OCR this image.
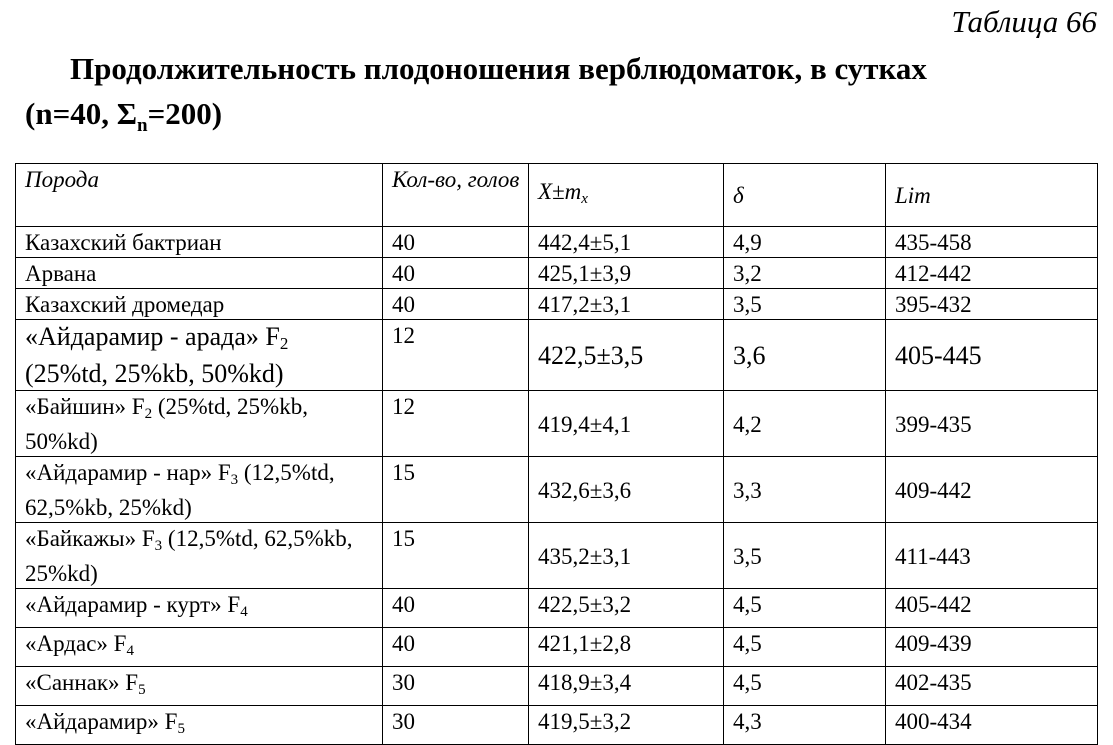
Таблица 66
Продолжительность плодоношения верблюдоматок, в сутках
(n=40, $\Sigma_n=200$)
Порода	Кол-во, голов	$X\pm m_x$	δ	Lim
Казахский бактриан	40	442,4±5,1	4,9	435-458
Арвана	40	425,1±3,9	3,2	412-442
Казахский дромедар	40	417,2±3,1	3,5	395-432
«Айдарамир - арада» $F_2$ (25%td, 25%kb, 50%kd)	12	422,5±3,5	3,6	405-445
«Байшин» $F_2$ (25%td, 25%kb, 50%kd)	12	419,4±4,1	4,2	399-435
«Айдарамир - нар» $F_3$ (12,5%td, 62,5%kb, 25%kd)	15	432,6±3,6	3,3	409-442
«Байкажы» $F_3$ (12,5%td, 62,5%kb, 25%kd)	15	435,2±3,1	3,5	411-443
«Айдарамир - курт» $F_4$	40	422,5±3,2	4,5	405-442
«Ардас» $F_4$	40	421,1±2,8	4,5	409-439
«Саннак» $F_5$	30	418,9±3,4	4,5	402-435
«Айдарамир» $F_5$	30	419,5±3,2	4,3	400-434
